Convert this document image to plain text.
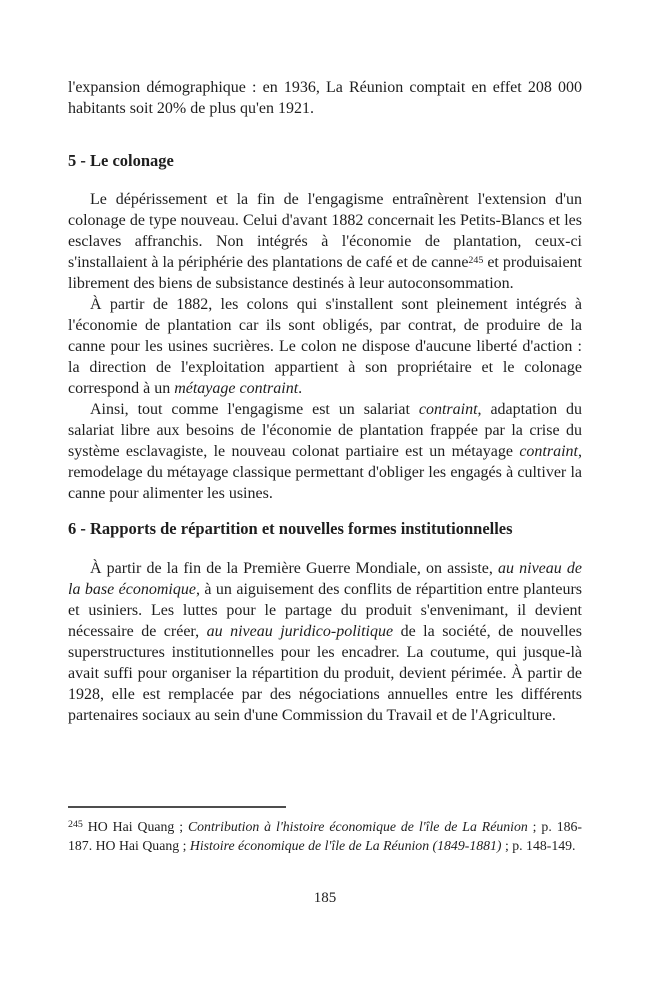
l'expansion démographique : en 1936, La Réunion comptait en effet 208 000 habitants soit 20% de plus qu'en 1921.

5 - Le colonage

Le dépérissement et la fin de l'engagisme entraînèrent l'extension d'un colonage de type nouveau. Celui d'avant 1882 concernait les Petits-Blancs et les esclaves affranchis. Non intégrés à l'économie de plantation, ceux-ci s'installaient à la périphérie des plantations de café et de canne$^{245}$ et produisaient librement des biens de subsistance destinés à leur autoconsommation.

À partir de 1882, les colons qui s'installent sont pleinement intégrés à l'économie de plantation car ils sont obligés, par contrat, de produire de la canne pour les usines sucrières. Le colon ne dispose d'aucune liberté d'action : la direction de l'exploitation appartient à son propriétaire et le colonage correspond à un métayage contraint.

Ainsi, tout comme l'engagisme est un salariat contraint, adaptation du salariat libre aux besoins de l'économie de plantation frappée par la crise du système esclavagiste, le nouveau colonat partiaire est un métayage contraint, remodelage du métayage classique permettant d'obliger les engagés à cultiver la canne pour alimenter les usines.

6 - Rapports de répartition et nouvelles formes institutionnelles

À partir de la fin de la Première Guerre Mondiale, on assiste, au niveau de la base économique, à un aiguisement des conflits de répartition entre planteurs et usiniers. Les luttes pour le partage du produit s'envenimant, il devient nécessaire de créer, au niveau juridico-politique de la société, de nouvelles superstructures institutionnelles pour les encadrer. La coutume, qui jusque-là avait suffi pour organiser la répartition du produit, devient périmée. À partir de 1928, elle est remplacée par des négociations annuelles entre les différents partenaires sociaux au sein d'une Commission du Travail et de l'Agriculture.

$^{245}$ HO Hai Quang ; Contribution à l'histoire économique de l'île de La Réunion ; p. 186-187. HO Hai Quang ; Histoire économique de l'île de La Réunion (1849-1881) ; p. 148-149.

185
